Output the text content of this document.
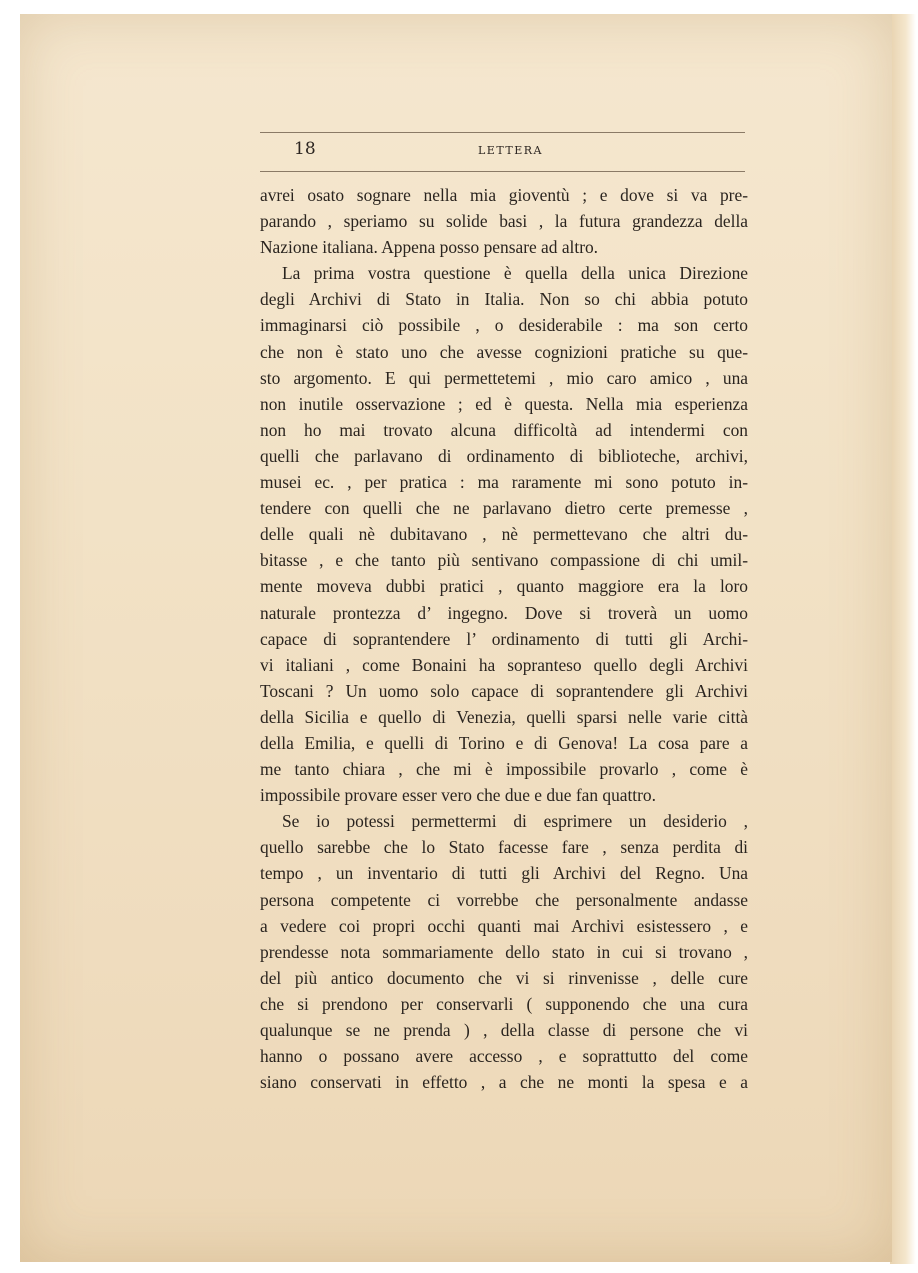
18	LETTERA
avrei osato sognare nella mia gioventù ; e dove si va pre-
parando , speriamo su solide basi , la futura grandezza della
Nazione italiana. Appena posso pensare ad altro.
La prima vostra questione è quella della unica Direzione
degli Archivi di Stato in Italia. Non so chi abbia potuto
immaginarsi ciò possibile , o desiderabile : ma son certo
che non è stato uno che avesse cognizioni pratiche su que-
sto argomento. E qui permettetemi , mio caro amico , una
non inutile osservazione ; ed è questa. Nella mia esperienza
non ho mai trovato alcuna difficoltà ad intendermi con
quelli che parlavano di ordinamento di biblioteche, archivi,
musei ec. , per pratica : ma raramente mi sono potuto in-
tendere con quelli che ne parlavano dietro certe premesse ,
delle quali nè dubitavano , nè permettevano che altri du-
bitasse , e che tanto più sentivano compassione di chi umil-
mente moveva dubbi pratici , quanto maggiore era la loro
naturale prontezza d’ ingegno. Dove si troverà un uomo
capace di soprantendere l’ ordinamento di tutti gli Archi-
vi italiani , come Bonaini ha sopranteso quello degli Archivi
Toscani ? Un uomo solo capace di soprantendere gli Archivi
della Sicilia e quello di Venezia, quelli sparsi nelle varie città
della Emilia, e quelli di Torino e di Genova! La cosa pare a
me tanto chiara , che mi è impossibile provarlo , come è
impossibile provare esser vero che due e due fan quattro.
Se io potessi permettermi di esprimere un desiderio ,
quello sarebbe che lo Stato facesse fare , senza perdita di
tempo , un inventario di tutti gli Archivi del Regno. Una
persona competente ci vorrebbe che personalmente andasse
a vedere coi propri occhi quanti mai Archivi esistessero , e
prendesse nota sommariamente dello stato in cui si trovano ,
del più antico documento che vi si rinvenisse , delle cure
che si prendono per conservarli ( supponendo che una cura
qualunque se ne prenda ) , della classe di persone che vi
hanno o possano avere accesso , e soprattutto del come
siano conservati in effetto , a che ne monti la spesa e a
